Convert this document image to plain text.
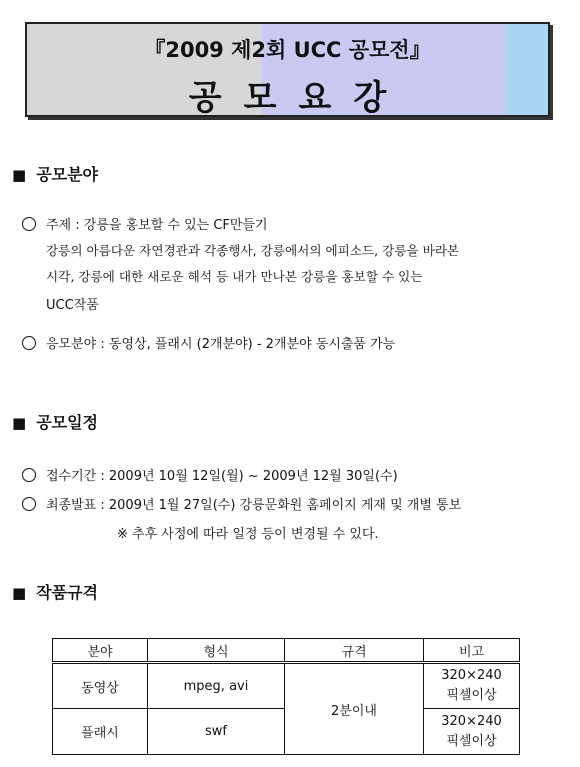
『2009 제2회 UCC 공모전』
공모요강
■ 공모분야
주제 : 강릉을 홍보할 수 있는 CF만들기
강릉의 아름다운 자연경관과 각종행사, 강릉에서의 에피소드, 강릉을 바라본
시각, 강릉에 대한 새로운 해석 등 내가 만나본 강릉을 홍보할 수 있는
UCC작품
응모분야 : 동영상, 플래시 (2개분야) - 2개분야 동시출품 가능
■ 공모일정
접수기간 : 2009년 10월 12일(월) ~ 2009년 12월 30일(수)
최종발표 : 2009년 1월 27일(수) 강릉문화원 홈페이지 게재 및 개별 통보
※ 추후 사정에 따라 일정 등이 변경될 수 있다.
■ 작품규격
분야	형식	규격	비고
동영상	mpeg, avi	2분이내	320×240
픽셀이상

플래시	swf		320×240
픽셀이상
